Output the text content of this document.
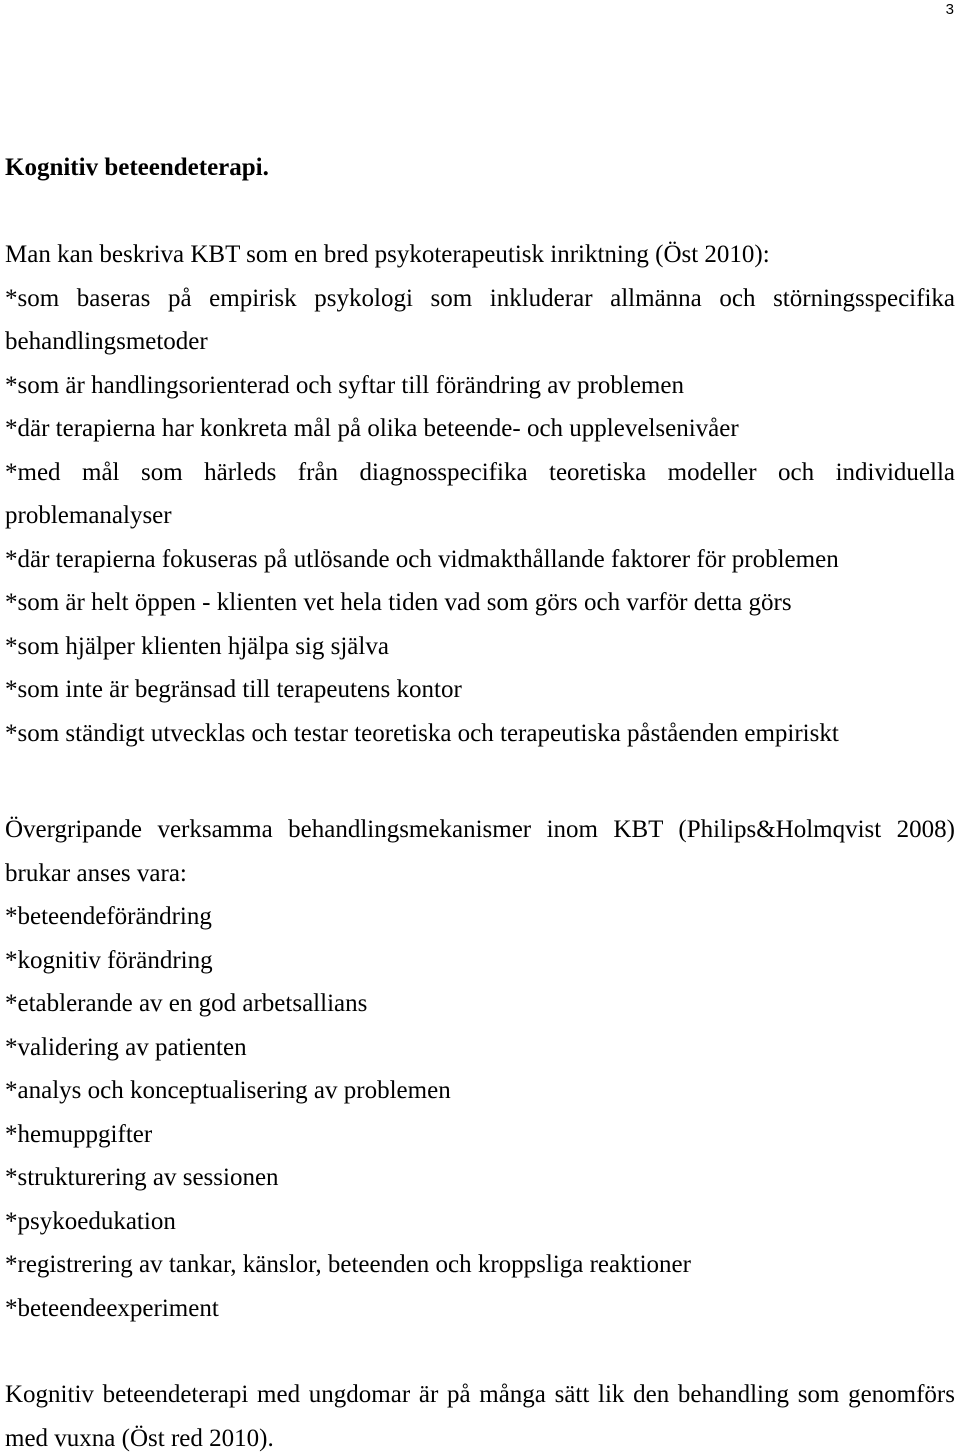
3
Kognitiv beteendeterapi.
Man kan beskriva KBT som en bred psykoterapeutisk inriktning (Öst 2010):
*som baseras på empirisk psykologi som inkluderar allmänna och störningsspecifika
behandlingsmetoder
*som är handlingsorienterad och syftar till förändring av problemen
*där terapierna har konkreta mål på olika beteende- och upplevelsenivåer
*med mål som härleds från diagnosspecifika teoretiska modeller och individuella
problemanalyser
*där terapierna fokuseras på utlösande och vidmakthållande faktorer för problemen
*som är helt öppen - klienten vet hela tiden vad som görs och varför detta görs
*som hjälper klienten hjälpa sig själva
*som inte är begränsad till terapeutens kontor
*som ständigt utvecklas och testar teoretiska och terapeutiska påståenden empiriskt
Övergripande verksamma behandlingsmekanismer inom KBT (Philips&Holmqvist 2008)
brukar anses vara:
*beteendeförändring
*kognitiv förändring
*etablerande av en god arbetsallians
*validering av patienten
*analys och konceptualisering av problemen
*hemuppgifter
*strukturering av sessionen
*psykoedukation
*registrering av tankar, känslor, beteenden och kroppsliga reaktioner
*beteendeexperiment
Kognitiv beteendeterapi med ungdomar är på många sätt lik den behandling som genomförs
med vuxna (Öst red 2010).
